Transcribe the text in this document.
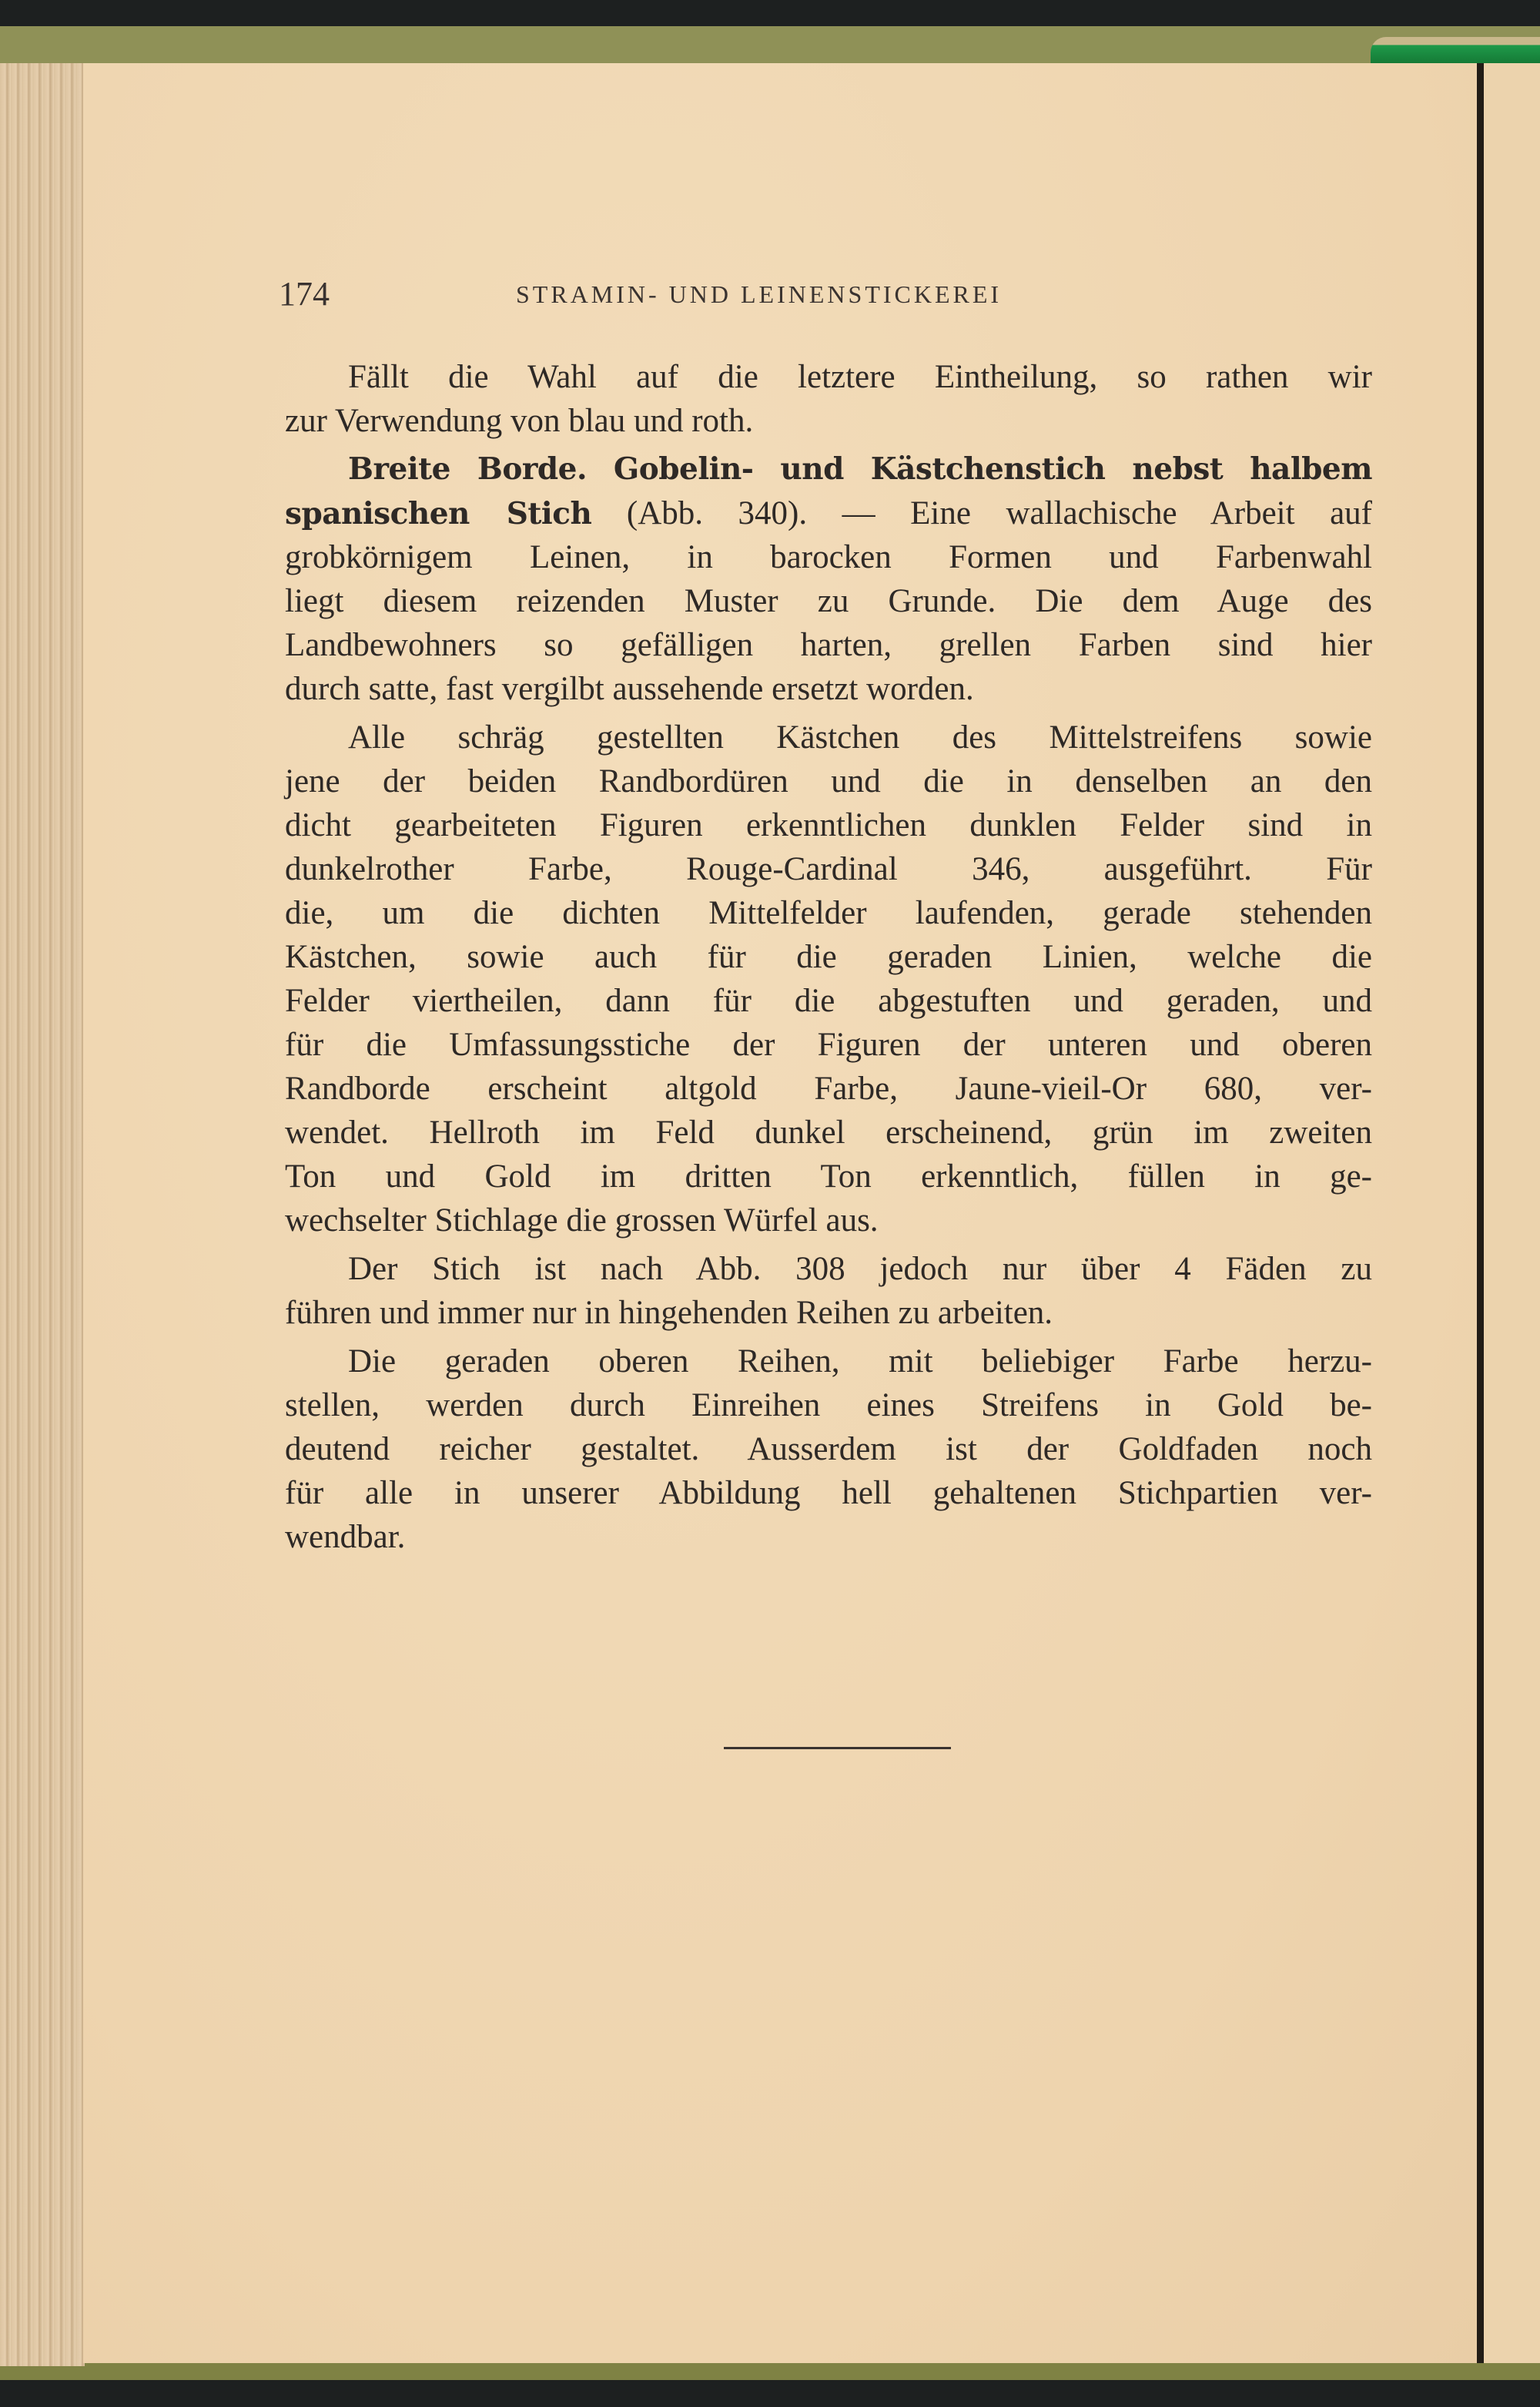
174	STRAMIN- UND LEINENSTICKEREI
Fällt die Wahl auf die letztere Eintheilung, so rathen wir
zur Verwendung von blau und roth.
Breite Borde. Gobelin- und Kästchenstich nebst halbem
spanischen Stich (Abb. 340). — Eine wallachische Arbeit auf
grobkörnigem Leinen, in barocken Formen und Farbenwahl
liegt diesem reizenden Muster zu Grunde. Die dem Auge des
Landbewohners so gefälligen harten, grellen Farben sind hier
durch satte, fast vergilbt aussehende ersetzt worden.
Alle schräg gestellten Kästchen des Mittelstreifens sowie
jene der beiden Randbordüren und die in denselben an den
dicht gearbeiteten Figuren erkenntlichen dunklen Felder sind in
dunkelrother Farbe, Rouge-Cardinal 346, ausgeführt. Für
die, um die dichten Mittelfelder laufenden, gerade stehenden
Kästchen, sowie auch für die geraden Linien, welche die
Felder viertheilen, dann für die abgestuften und geraden, und
für die Umfassungsstiche der Figuren der unteren und oberen
Randborde erscheint altgold Farbe, Jaune-vieil-Or 680, ver-
wendet. Hellroth im Feld dunkel erscheinend, grün im zweiten
Ton und Gold im dritten Ton erkenntlich, füllen in ge-
wechselter Stichlage die grossen Würfel aus.
Der Stich ist nach Abb. 308 jedoch nur über 4 Fäden zu
führen und immer nur in hingehenden Reihen zu arbeiten.
Die geraden oberen Reihen, mit beliebiger Farbe herzu-
stellen, werden durch Einreihen eines Streifens in Gold be-
deutend reicher gestaltet. Ausserdem ist der Goldfaden noch
für alle in unserer Abbildung hell gehaltenen Stichpartien ver-
wendbar.
